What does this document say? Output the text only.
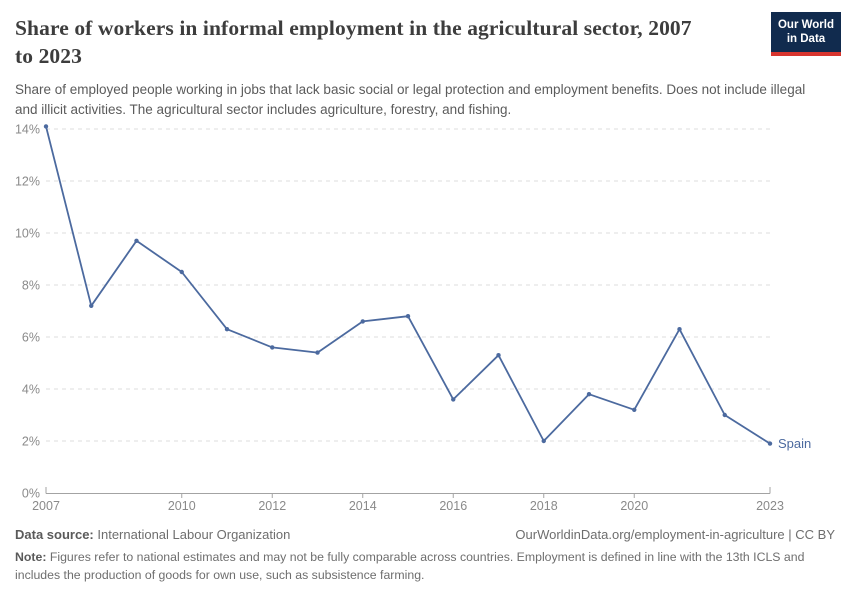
Share of workers in informal employment in the agricultural sector, 2007 to 2023
Our World
in Data

Share of employed people working in jobs that lack basic social or legal protection and employment benefits. Does not include illegal and illicit activities. The agricultural sector includes agriculture, forestry, and fishing.

0%
2%
4%
6%
8%
10%
12%
14%
2007	2010	2012	2014	2016	2018	2020	2023
Spain
Data source: International Labour Organization	OurWorldinData.org/employment-in-agriculture | CC BY

Note: Figures refer to national estimates and may not be fully comparable across countries. Employment is defined in line with the 13th ICLS and includes the production of goods for own use, such as subsistence farming.
